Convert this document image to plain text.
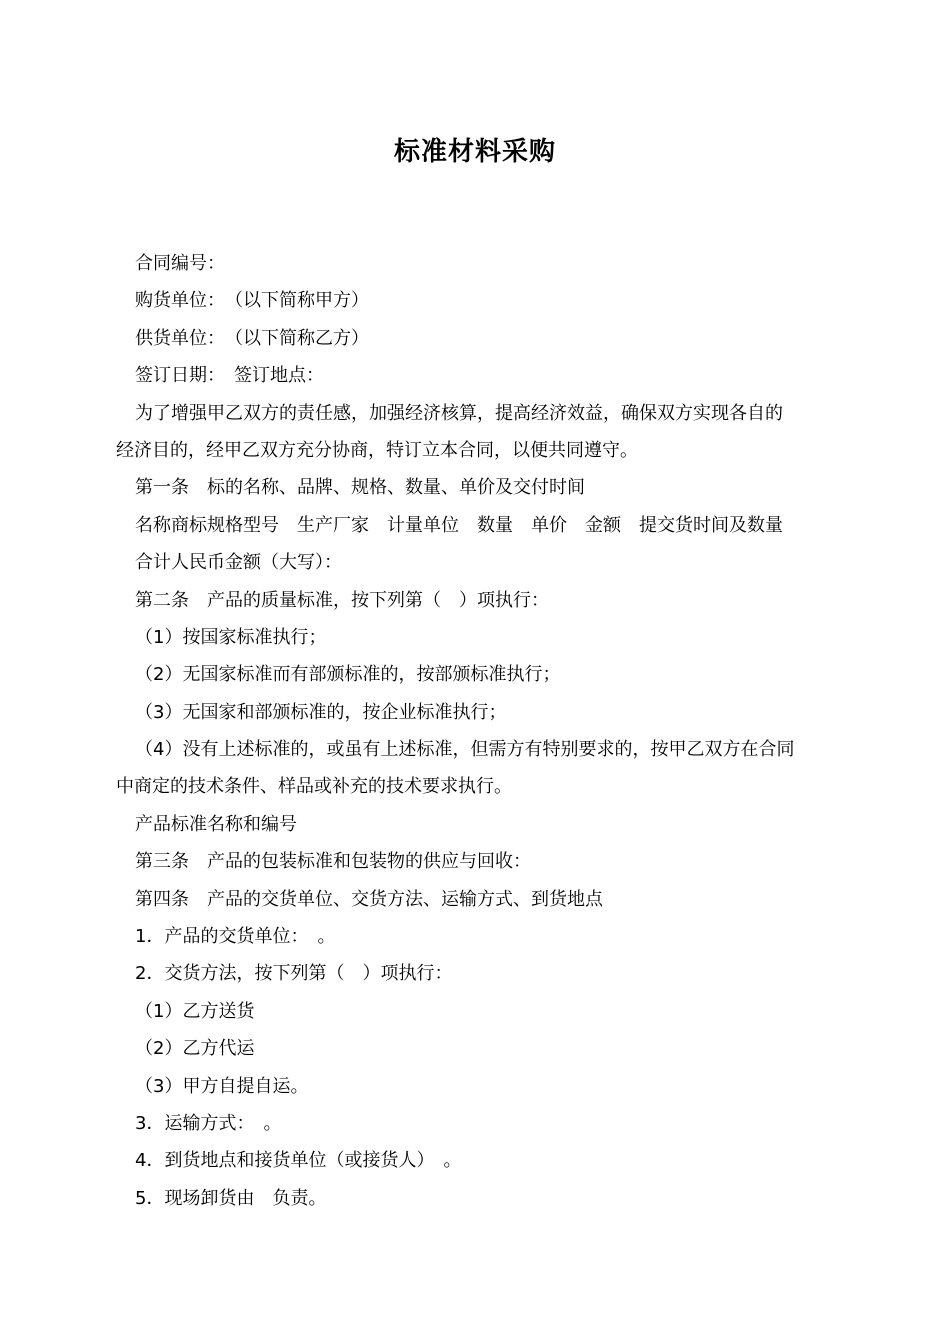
标准材料采购

合同编号：

购货单位：　（以下简称甲方）

供货单位：　（以下简称乙方）

签订日期：　签订地点：

为了增强甲乙双方的责任感，加强经济核算，提高经济效益，确保双方实现各自的

经济目的，经甲乙双方充分协商，特订立本合同，以便共同遵守。

第一条　标的名称、品牌、规格、数量、单价及交付时间

名称商标规格型号　生产厂家　计量单位　数量　单价　金额　提交货时间及数量

合计人民币金额（大写）：

第二条　产品的质量标准，按下列第（　）项执行：

（1）按国家标准执行；

（2）无国家标准而有部颁标准的，按部颁标准执行；

（3）无国家和部颁标准的，按企业标准执行；

（4）没有上述标准的，或虽有上述标准，但需方有特别要求的，按甲乙双方在合同

中商定的技术条件、样品或补充的技术要求执行。

产品标准名称和编号

第三条　产品的包装标准和包装物的供应与回收：

第四条　产品的交货单位、交货方法、运输方式、到货地点

1．产品的交货单位：　。

2．交货方法，按下列第（　）项执行：

（1）乙方送货

（2）乙方代运

（3）甲方自提自运。

3．运输方式：　。

4．到货地点和接货单位（或接货人）　。

5．现场卸货由　负责。
